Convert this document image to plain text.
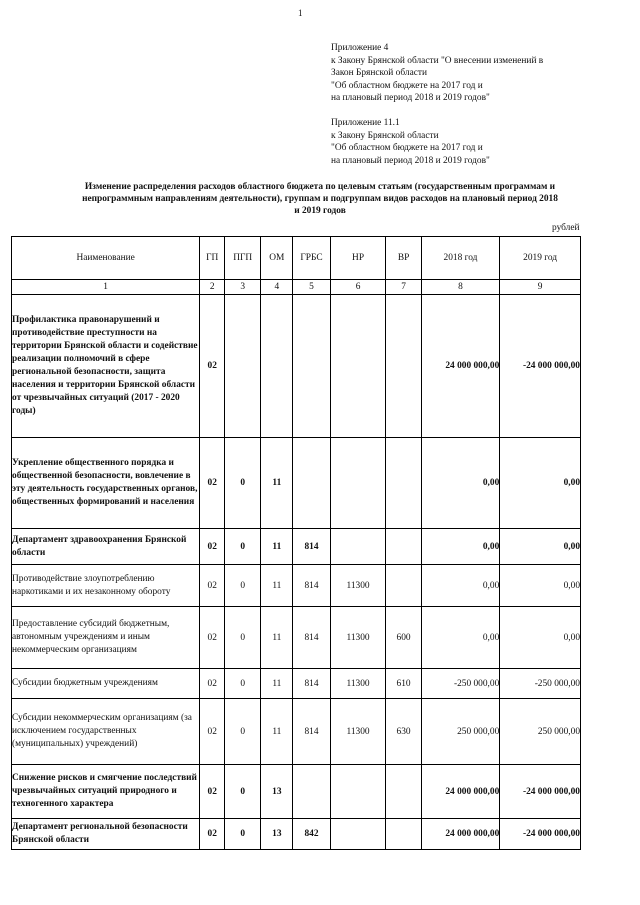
1
Приложение 4
к Закону Брянской области "О внесении изменений в
Закон Брянской области
"Об областном бюджете на 2017 год и
на плановый период 2018 и 2019 годов"
Приложение 11.1
к Закону Брянской области
"Об областном бюджете на 2017 год и
на плановый период 2018 и 2019 годов"
Изменение распределения расходов областного бюджета по целевым статьям (государственным программам и
непрограммным направлениям деятельности), группам и подгруппам видов расходов на плановый период 2018
и 2019 годов
рублей
Наименование	ГП	ПГП	ОМ	ГРБС	НР	ВР	2018 год	2019 год
1	2	3	4	5	6	7	8	9
Профилактика правонарушений и противодействие преступности на территории Брянской области и содействие реализации полномочий в сфере региональной безопасности, защита населения и территории Брянской области от чрезвычайных ситуаций (2017 - 2020 годы)	02						24 000 000,00	-24 000 000,00
Укрепление общественного порядка и общественной безопасности, вовлечение в эту деятельность государственных органов, общественных формирований и населения	02	0	11				0,00	0,00
Департамент здравоохранения Брянской области	02	0	11	814			0,00	0,00
Противодействие злоупотреблению наркотиками и их незаконному обороту	02	0	11	814	11300		0,00	0,00
Предоставление субсидий бюджетным, автономным учреждениям и иным некоммерческим организациям	02	0	11	814	11300	600	0,00	0,00
Субсидии бюджетным учреждениям	02	0	11	814	11300	610	-250 000,00	-250 000,00
Субсидии некоммерческим организациям (за исключением государственных (муниципальных) учреждений)	02	0	11	814	11300	630	250 000,00	250 000,00
Снижение рисков и смягчение последствий чрезвычайных ситуаций природного и техногенного характера	02	0	13				24 000 000,00	-24 000 000,00
Департамент региональной безопасности Брянской области	02	0	13	842			24 000 000,00	-24 000 000,00
